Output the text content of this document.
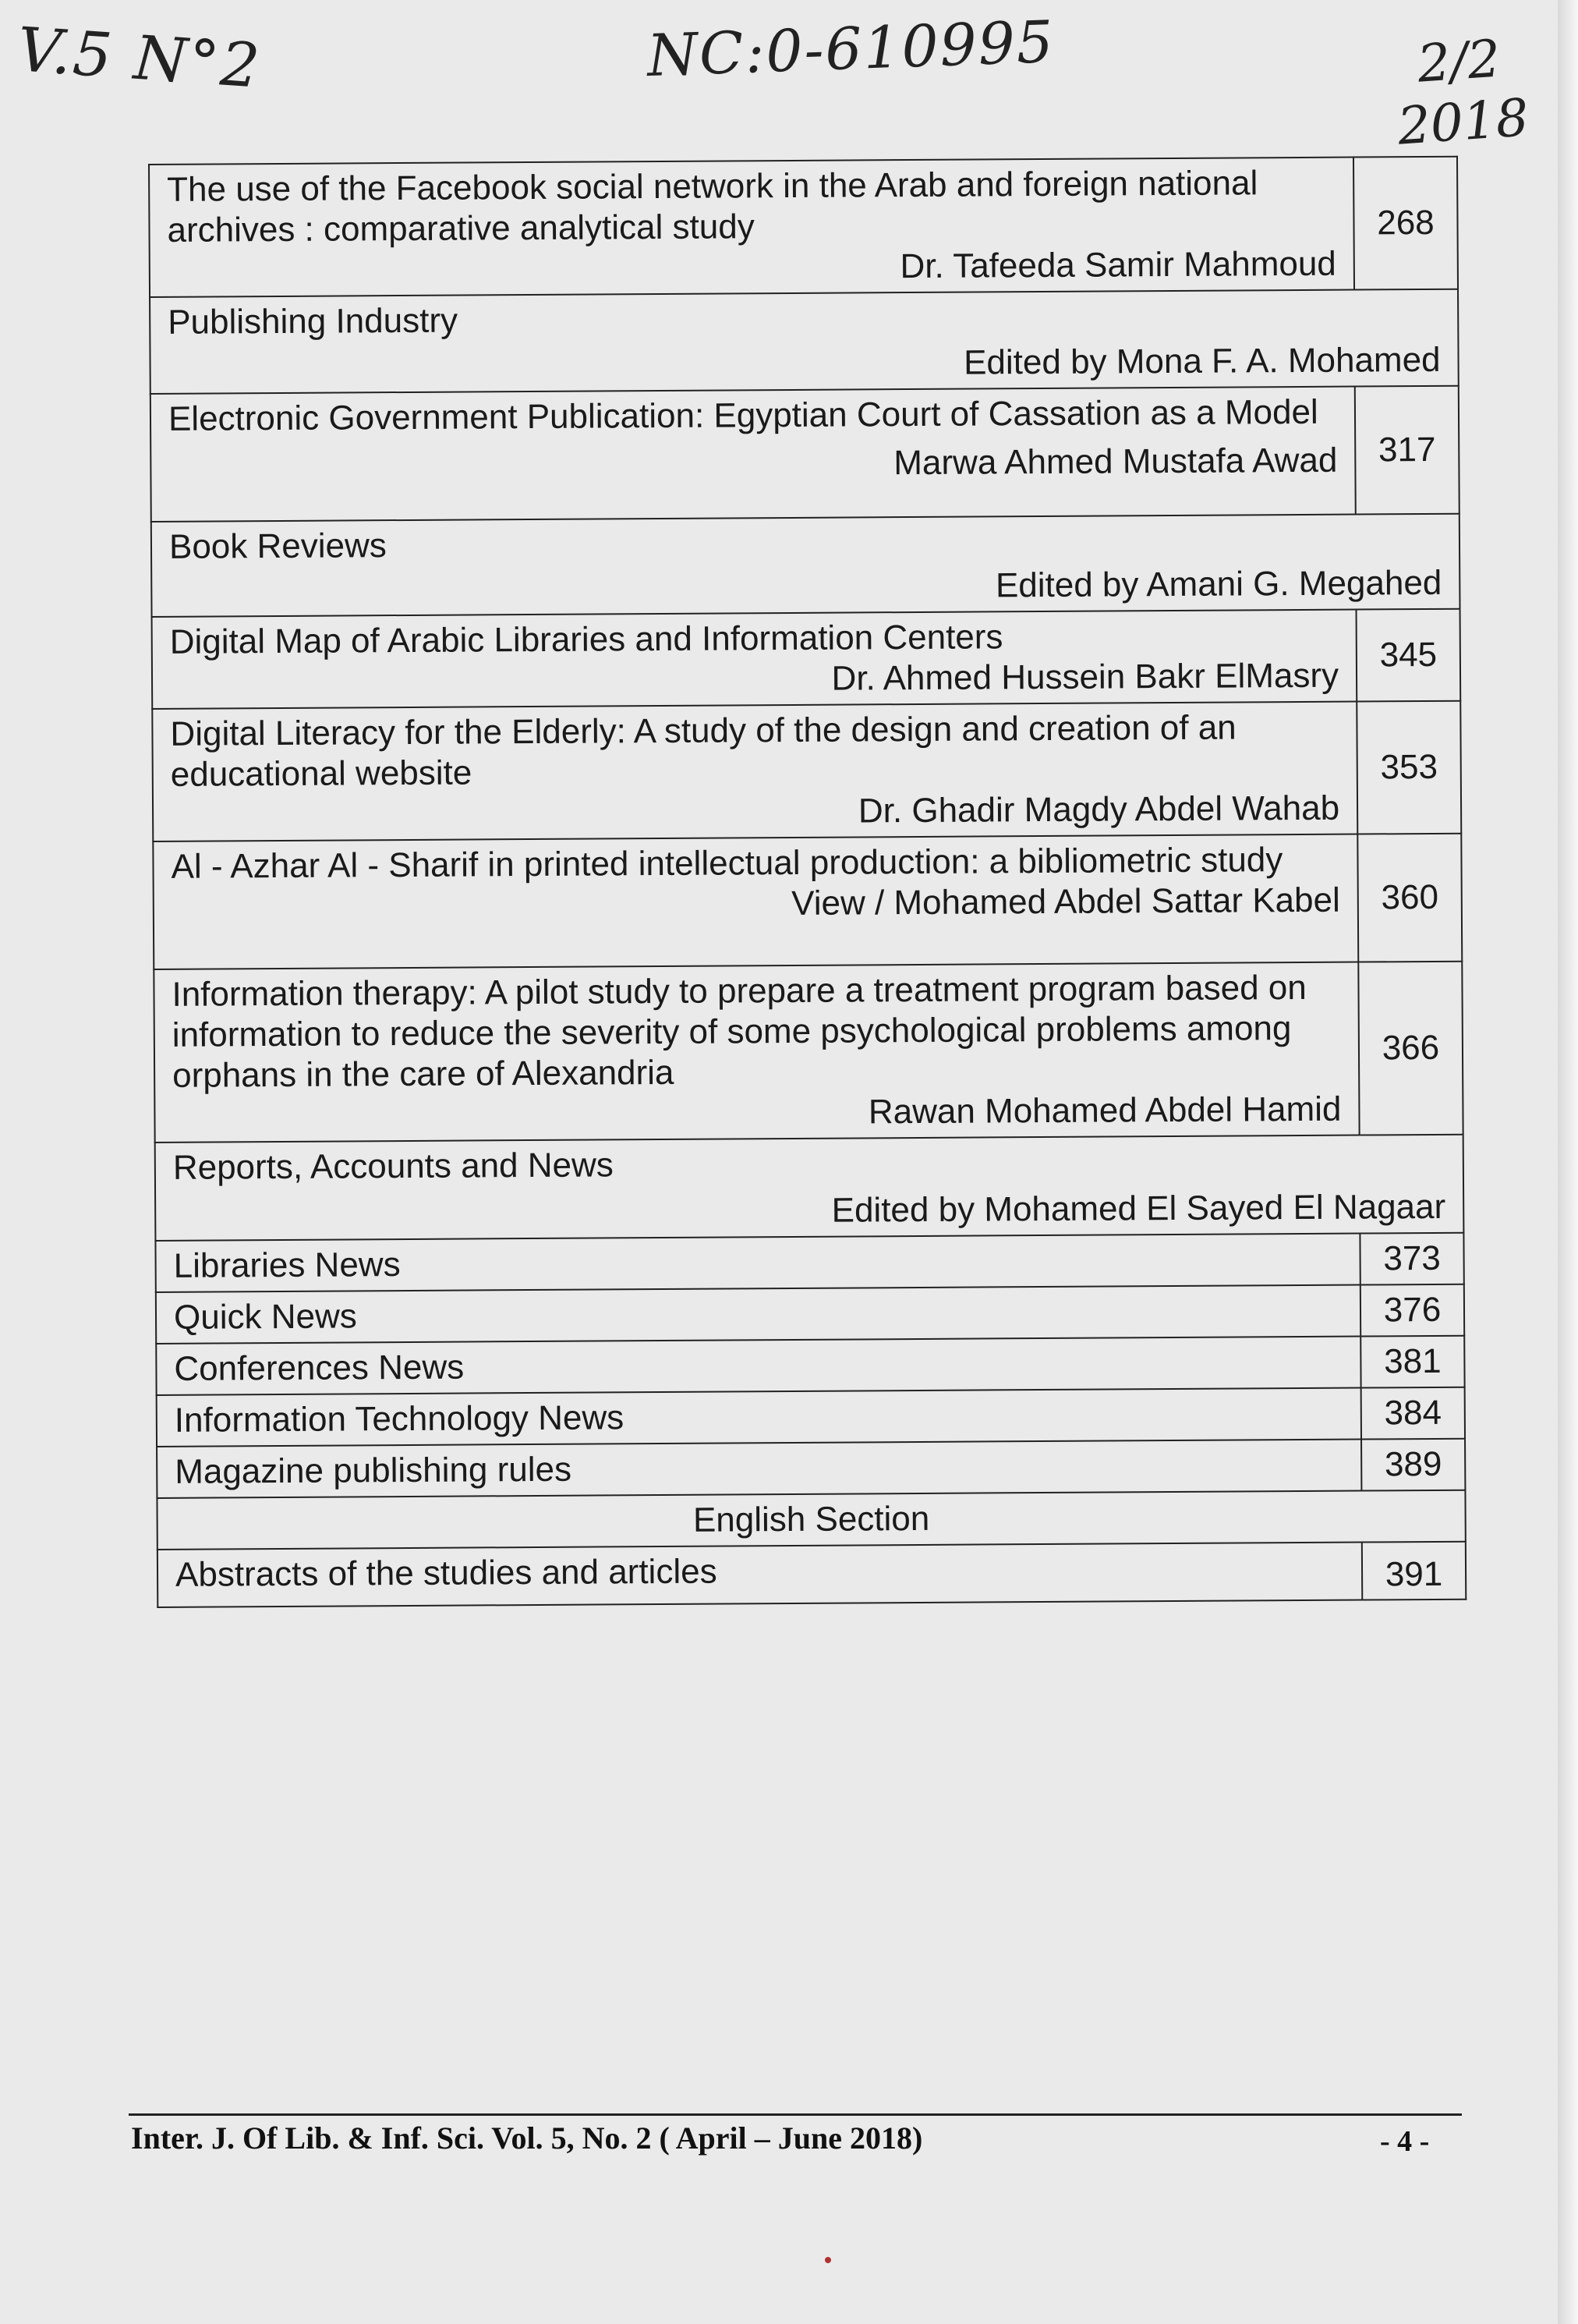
V.5 N°2	NC:0-610995	2/2
2018
The use of the Facebook social network in the Arab and foreign national archives : comparative analytical study
Dr. Tafeeda Samir Mahmoud	268

Publishing Industry
Edited by Mona F. A. Mohamed	

Electronic Government Publication: Egyptian Court of Cassation as a Model
Marwa Ahmed Mustafa Awad	317

Book Reviews
Edited by Amani G. Megahed	

Digital Map of Arabic Libraries and Information Centers
Dr. Ahmed Hussein Bakr ElMasry	345

Digital Literacy for the Elderly: A study of the design and creation of an educational website
Dr. Ghadir Magdy Abdel Wahab	353

Al - Azhar Al - Sharif in printed intellectual production: a bibliometric study
View / Mohamed Abdel Sattar Kabel	360

Information therapy: A pilot study to prepare a treatment program based on information to reduce the severity of some psychological problems among orphans in the care of Alexandria
Rawan Mohamed Abdel Hamid	366

Reports, Accounts and News
Edited by Mohamed El Sayed El Nagaar	

Libraries News	373
Quick News	376
Conferences News	381
Information Technology News	384
Magazine publishing rules	389
English Section	
Abstracts of the studies and articles	391
Inter. J. Of Lib. & Inf. Sci. Vol. 5, No. 2 ( April – June 2018)	- 4 -
